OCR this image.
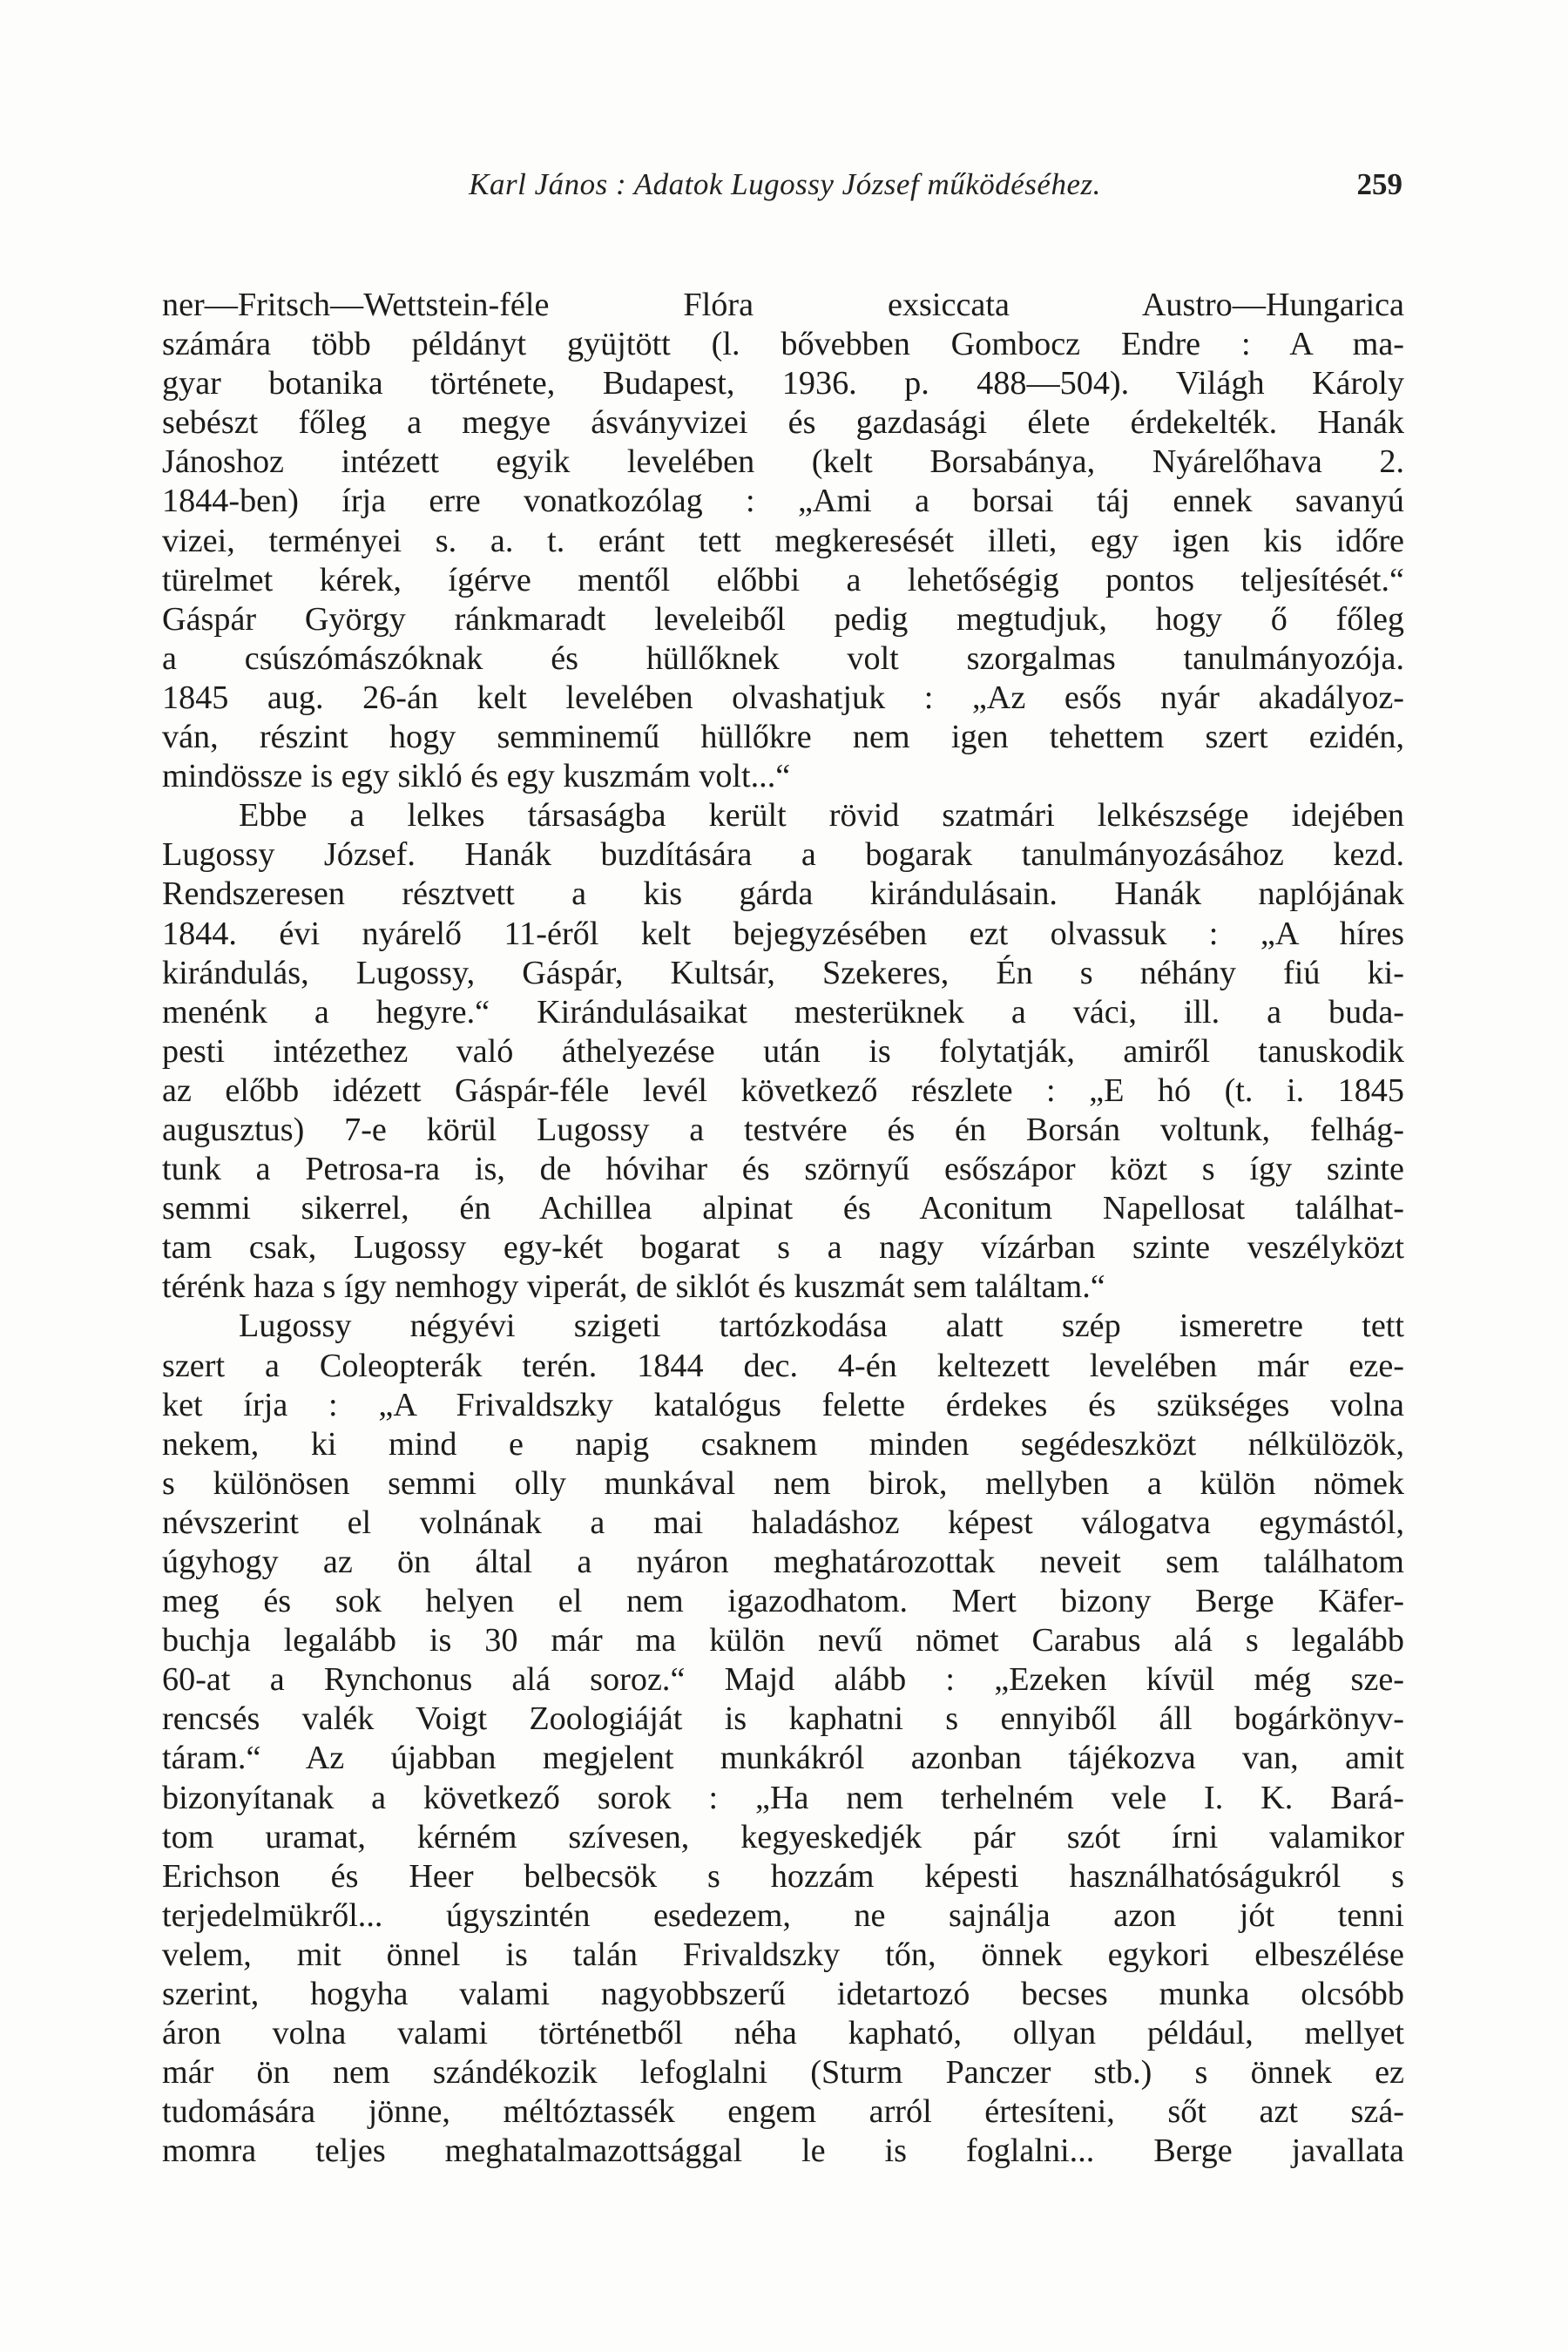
Karl János : Adatok Lugossy József működéséhez.	259
ner—Fritsch—Wettstein-féle Flóra exsiccata Austro—Hungarica
számára több példányt gyüjtött (l. bővebben Gombocz Endre : A ma-
gyar botanika története, Budapest, 1936. p. 488—504). Világh Károly
sebészt főleg a megye ásványvizei és gazdasági élete érdekelték. Hanák
Jánoshoz intézett egyik levelében (kelt Borsabánya, Nyárelőhava 2.
1844-ben) írja erre vonatkozólag : „Ami a borsai táj ennek savanyú
vizei, terményei s. a. t. eránt tett megkeresését illeti, egy igen kis időre
türelmet kérek, ígérve mentől előbbi a lehetőségig pontos teljesítését.“
Gáspár György ránkmaradt leveleiből pedig megtudjuk, hogy ő főleg
a csúszómászóknak és hüllőknek volt szorgalmas tanulmányozója.
1845 aug. 26-án kelt levelében olvashatjuk : „Az esős nyár akadályoz-
ván, részint hogy semminemű hüllőkre nem igen tehettem szert ezidén,
mindössze is egy sikló és egy kuszmám volt...“
Ebbe a lelkes társaságba került rövid szatmári lelkészsége idejében
Lugossy József. Hanák buzdítására a bogarak tanulmányozásához kezd.
Rendszeresen résztvett a kis gárda kirándulásain. Hanák naplójának
1844. évi nyárelő 11-éről kelt bejegyzésében ezt olvassuk : „A híres
kirándulás, Lugossy, Gáspár, Kultsár, Szekeres, Én s néhány fiú ki-
menénk a hegyre.“ Kirándulásaikat mesterüknek a váci, ill. a buda-
pesti intézethez való áthelyezése után is folytatják, amiről tanuskodik
az előbb idézett Gáspár-féle levél következő részlete : „E hó (t. i. 1845
augusztus) 7-e körül Lugossy a testvére és én Borsán voltunk, felhág-
tunk a Petrosa-ra is, de hóvihar és szörnyű esőszápor közt s így szinte
semmi sikerrel, én Achillea alpinat és Aconitum Napellosat találhat-
tam csak, Lugossy egy-két bogarat s a nagy vízárban szinte veszélyközt
térénk haza s így nemhogy viperát, de siklót és kuszmát sem találtam.“
Lugossy négyévi szigeti tartózkodása alatt szép ismeretre tett
szert a Coleopterák terén. 1844 dec. 4-én keltezett levelében már eze-
ket írja : „A Frivaldszky katalógus felette érdekes és szükséges volna
nekem, ki mind e napig csaknem minden segédeszközt nélkülözök,
s különösen semmi olly munkával nem birok, mellyben a külön nömek
névszerint el volnának a mai haladáshoz képest válogatva egymástól,
úgyhogy az ön által a nyáron meghatározottak neveit sem találhatom
meg és sok helyen el nem igazodhatom. Mert bizony Berge Käfer-
buchja legalább is 30 már ma külön nevű nömet Carabus alá s legalább
60-at a Rynchonus alá soroz.“ Majd alább : „Ezeken kívül még sze-
rencsés valék Voigt Zoologiáját is kaphatni s ennyiből áll bogárkönyv-
táram.“ Az újabban megjelent munkákról azonban tájékozva van, amit
bizonyítanak a következő sorok : „Ha nem terhelném vele I. K. Bará-
tom uramat, kérném szívesen, kegyeskedjék pár szót írni valamikor
Erichson és Heer belbecsök s hozzám képesti használhatóságukról s
terjedelmükről... úgyszintén esedezem, ne sajnálja azon jót tenni
velem, mit önnel is talán Frivaldszky tőn, önnek egykori elbeszélése
szerint, hogyha valami nagyobbszerű idetartozó becses munka olcsóbb
áron volna valami történetből néha kapható, ollyan például, mellyet
már ön nem szándékozik lefoglalni (Sturm Panczer stb.) s önnek ez
tudomására jönne, méltóztassék engem arról értesíteni, sőt azt szá-
momra teljes meghatalmazottsággal le is foglalni... Berge javallata
